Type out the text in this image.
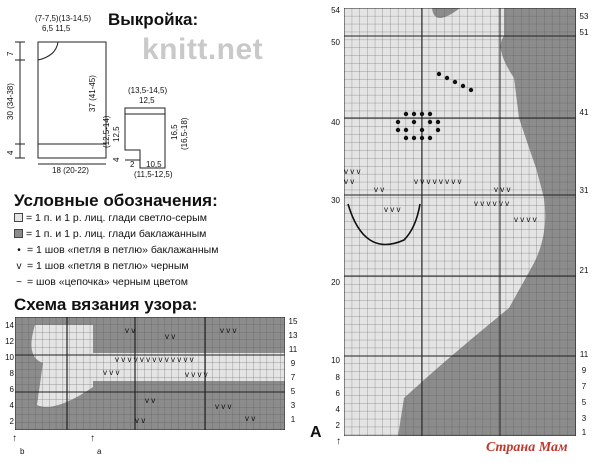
Выкройка:
knitt.net
(7-7,5)(13-14,5)
6,5 11,5
7
30 (34-38)
4
37 (41-45)
18 (20-22)
(13,5-14,5)
12,5
(12,5-14) 12,5
4
16,5 (16,5-18)
2 10,5
(11,5-12,5)
Условные обозначения:
= 1 п. и 1 р. лиц. глади светло-серым
= 1 п. и 1 р. лиц. глади баклажанным
• = 1 шов «петля в петлю» баклажанным
v = 1 шов «петля в петлю» черным
~ = шов «цепочка» черным цветом
Схема вязания узора:
v v
v v
v v v
v v v v v v v v v v v v v
v v v	v v v v
v v
v v v
v v	v v
14
12
10
8
6
4
2
15
13
11
9
7
5
3
1
↑
b
↑
a
v v v
v v	v v v v v v v v
v v	v v v
v v v v v v
v v v
v v v v
54
50
40
30
20
10
8
6
4
2
53
51
41
31
21
11
9
7
5
3
1
A
↑	Страна Мам
